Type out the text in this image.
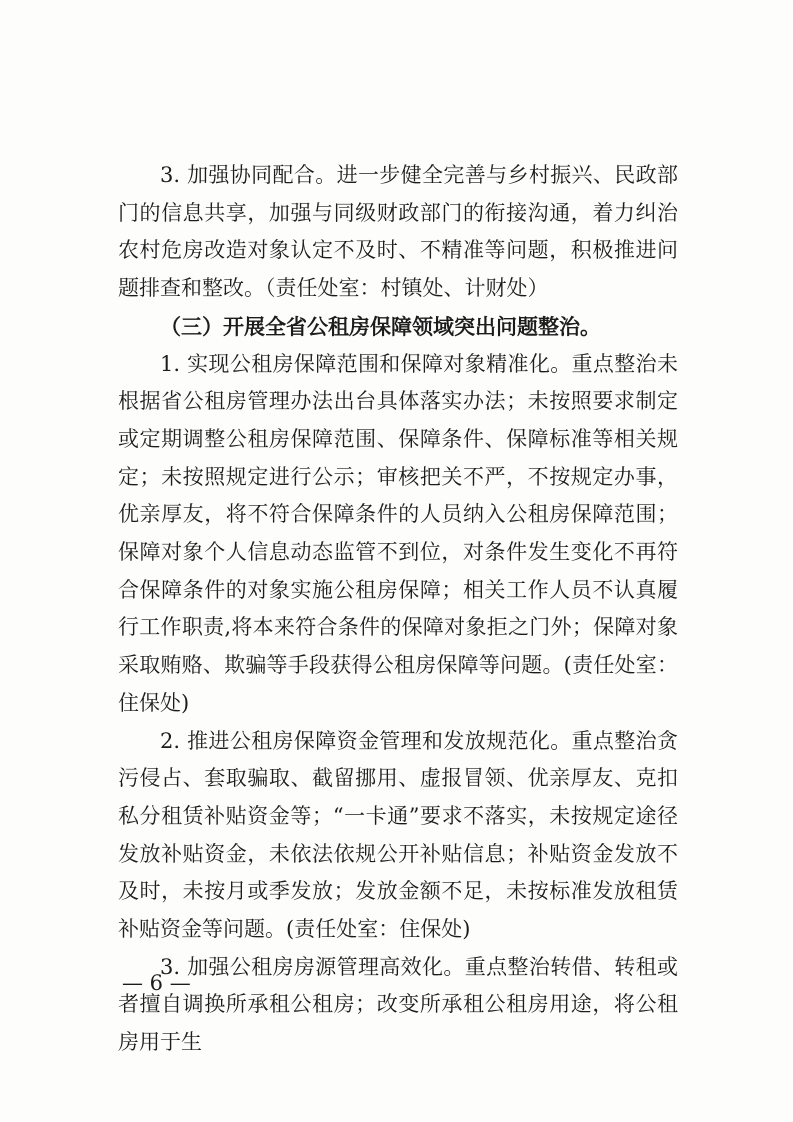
3. 加强协同配合。进一步健全完善与乡村振兴、民政部门的信息共享，加强与同级财政部门的衔接沟通，着力纠治农村危房改造对象认定不及时、不精准等问题，积极推进问题排查和整改。（责任处室：村镇处、计财处）

（三）开展全省公租房保障领域突出问题整治。

1. 实现公租房保障范围和保障对象精准化。重点整治未根据省公租房管理办法出台具体落实办法；未按照要求制定或定期调整公租房保障范围、保障条件、保障标准等相关规定；未按照规定进行公示；审核把关不严，不按规定办事，优亲厚友，将不符合保障条件的人员纳入公租房保障范围；保障对象个人信息动态监管不到位，对条件发生变化不再符合保障条件的对象实施公租房保障；相关工作人员不认真履行工作职责,将本来符合条件的保障对象拒之门外；保障对象采取贿赂、欺骗等手段获得公租房保障等问题。(责任处室：住保处)

2. 推进公租房保障资金管理和发放规范化。重点整治贪污侵占、套取骗取、截留挪用、虚报冒领、优亲厚友、克扣私分租赁补贴资金等；“一卡通”要求不落实，未按规定途径发放补贴资金，未依法依规公开补贴信息；补贴资金发放不及时，未按月或季发放；发放金额不足，未按标准发放租赁补贴资金等问题。(责任处室：住保处)

3. 加强公租房房源管理高效化。重点整治转借、转租或者擅自调换所承租公租房；改变所承租公租房用途，将公租房用于生

— 6 —
